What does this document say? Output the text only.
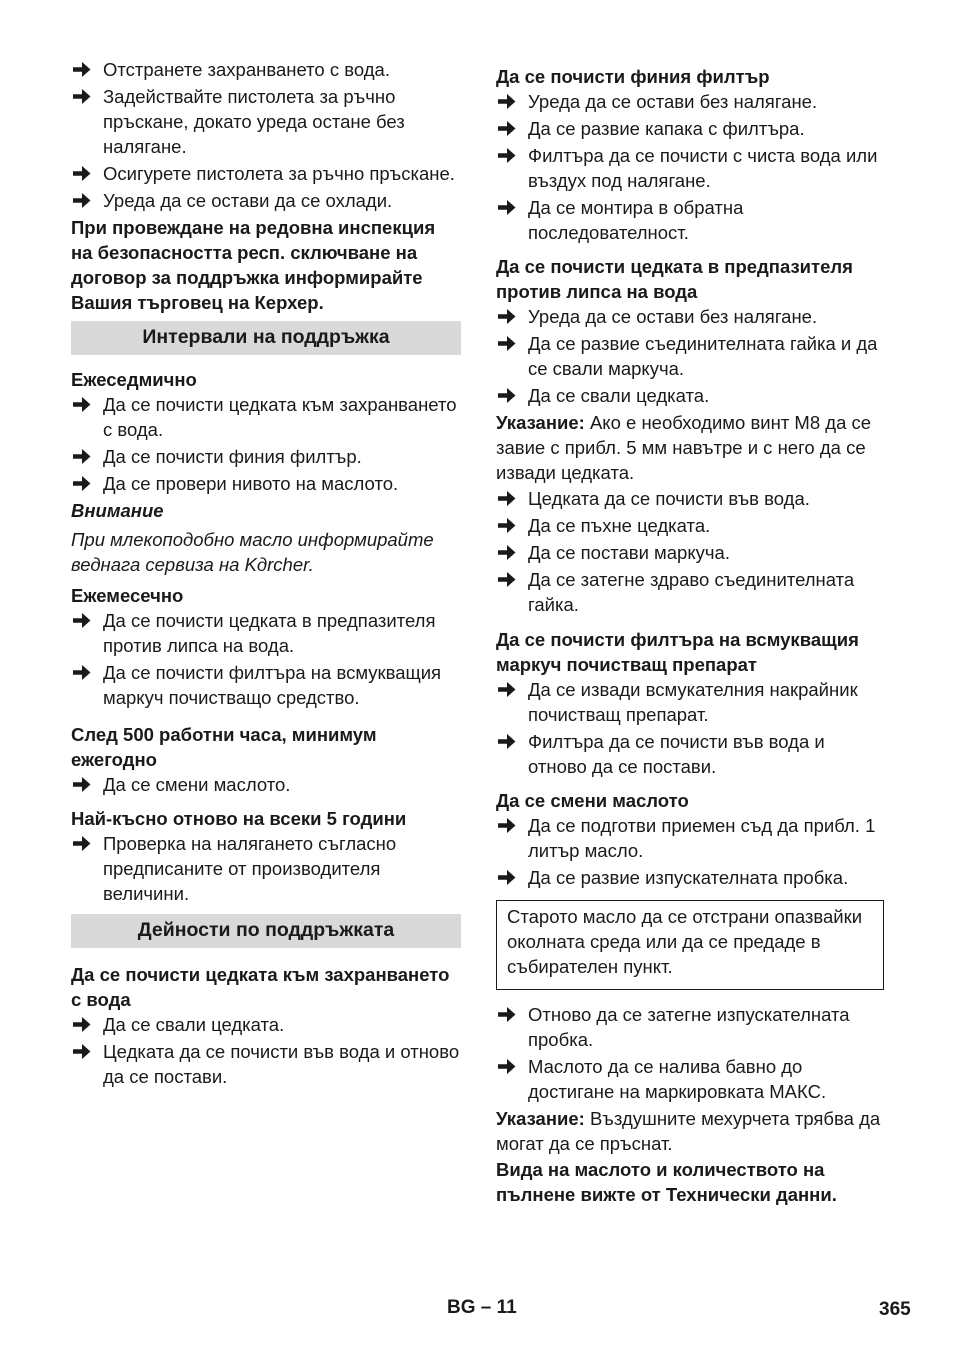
Отстранете захранването с вода.
Задействайте пистолета за ръчно пръскане, докато уреда остане без налягане.
Осигурете пистолета за ръчно пръскане.
Уреда да се остави да се охлади.
При провеждане на редовна инспекция на безопасността респ. сключване на договор за поддръжка информирайте Вашия търговец на Керхер.
Интервали на поддръжка
Ежеседмично
Да се почисти цедката към захранването с вода.
Да се почисти финия филтър.
Да се провери нивото на маслото.
Внимание
При млекоподобно масло информирайте веднага сервиза на Kдrcher.
Ежемесечно
Да се почисти цедката в предпазителя против липса на вода.
Да се почисти филтъра на всмукващия маркуч почистващо средство.
След 500 работни часа, минимум ежегодно
Да се смени маслото.
Най-късно отново на всеки 5 години
Проверка на налягането съгласно предписаните от производителя величини.
Дейности по поддръжката
Да се почисти цедката към захранването с вода
Да се свали цедката.
Цедката да се почисти във вода и отново да се постави.
Да се почисти финия филтър
Уреда да се остави без налягане.
Да се развие капака с филтъра.
Филтъра да се почисти с чиста вода или въздух под налягане.
Да се монтира в обратна последователност.
Да се почисти цедката в предпазителя против липса на вода
Уреда да се остави без налягане.
Да се развие съединителната гайка и да се свали маркуча.
Да се свали цедката.
Указание: Ако е необходимо винт M8 да се завие с прибл. 5 мм навътре и с него да се извади цедката.
Цедката да се почисти във вода.
Да се пъхне цедката.
Да се постави маркуча.
Да се затегне здраво съединителната гайка.
Да се почисти филтъра на всмукващия маркуч почистващ препарат
Да се извади всмукателния накрайник почистващ препарат.
Филтъра да се почисти във вода и отново да се постави.
Да се смени маслото
Да се подготви приемен съд да прибл. 1 литър масло.
Да се развие изпускателната пробка.
Старото масло да се отстрани опазвайки околната среда или да се предаде в събирателен пункт.
Отново да се затегне изпускателната пробка.
Маслото да се налива бавно до достигане на маркировката МАКС.
Указание: Въздушните мехурчета трябва да могат да се пръснат.
Вида на маслото и количеството на пълнене вижте от Технически данни.
BG – 11	365
